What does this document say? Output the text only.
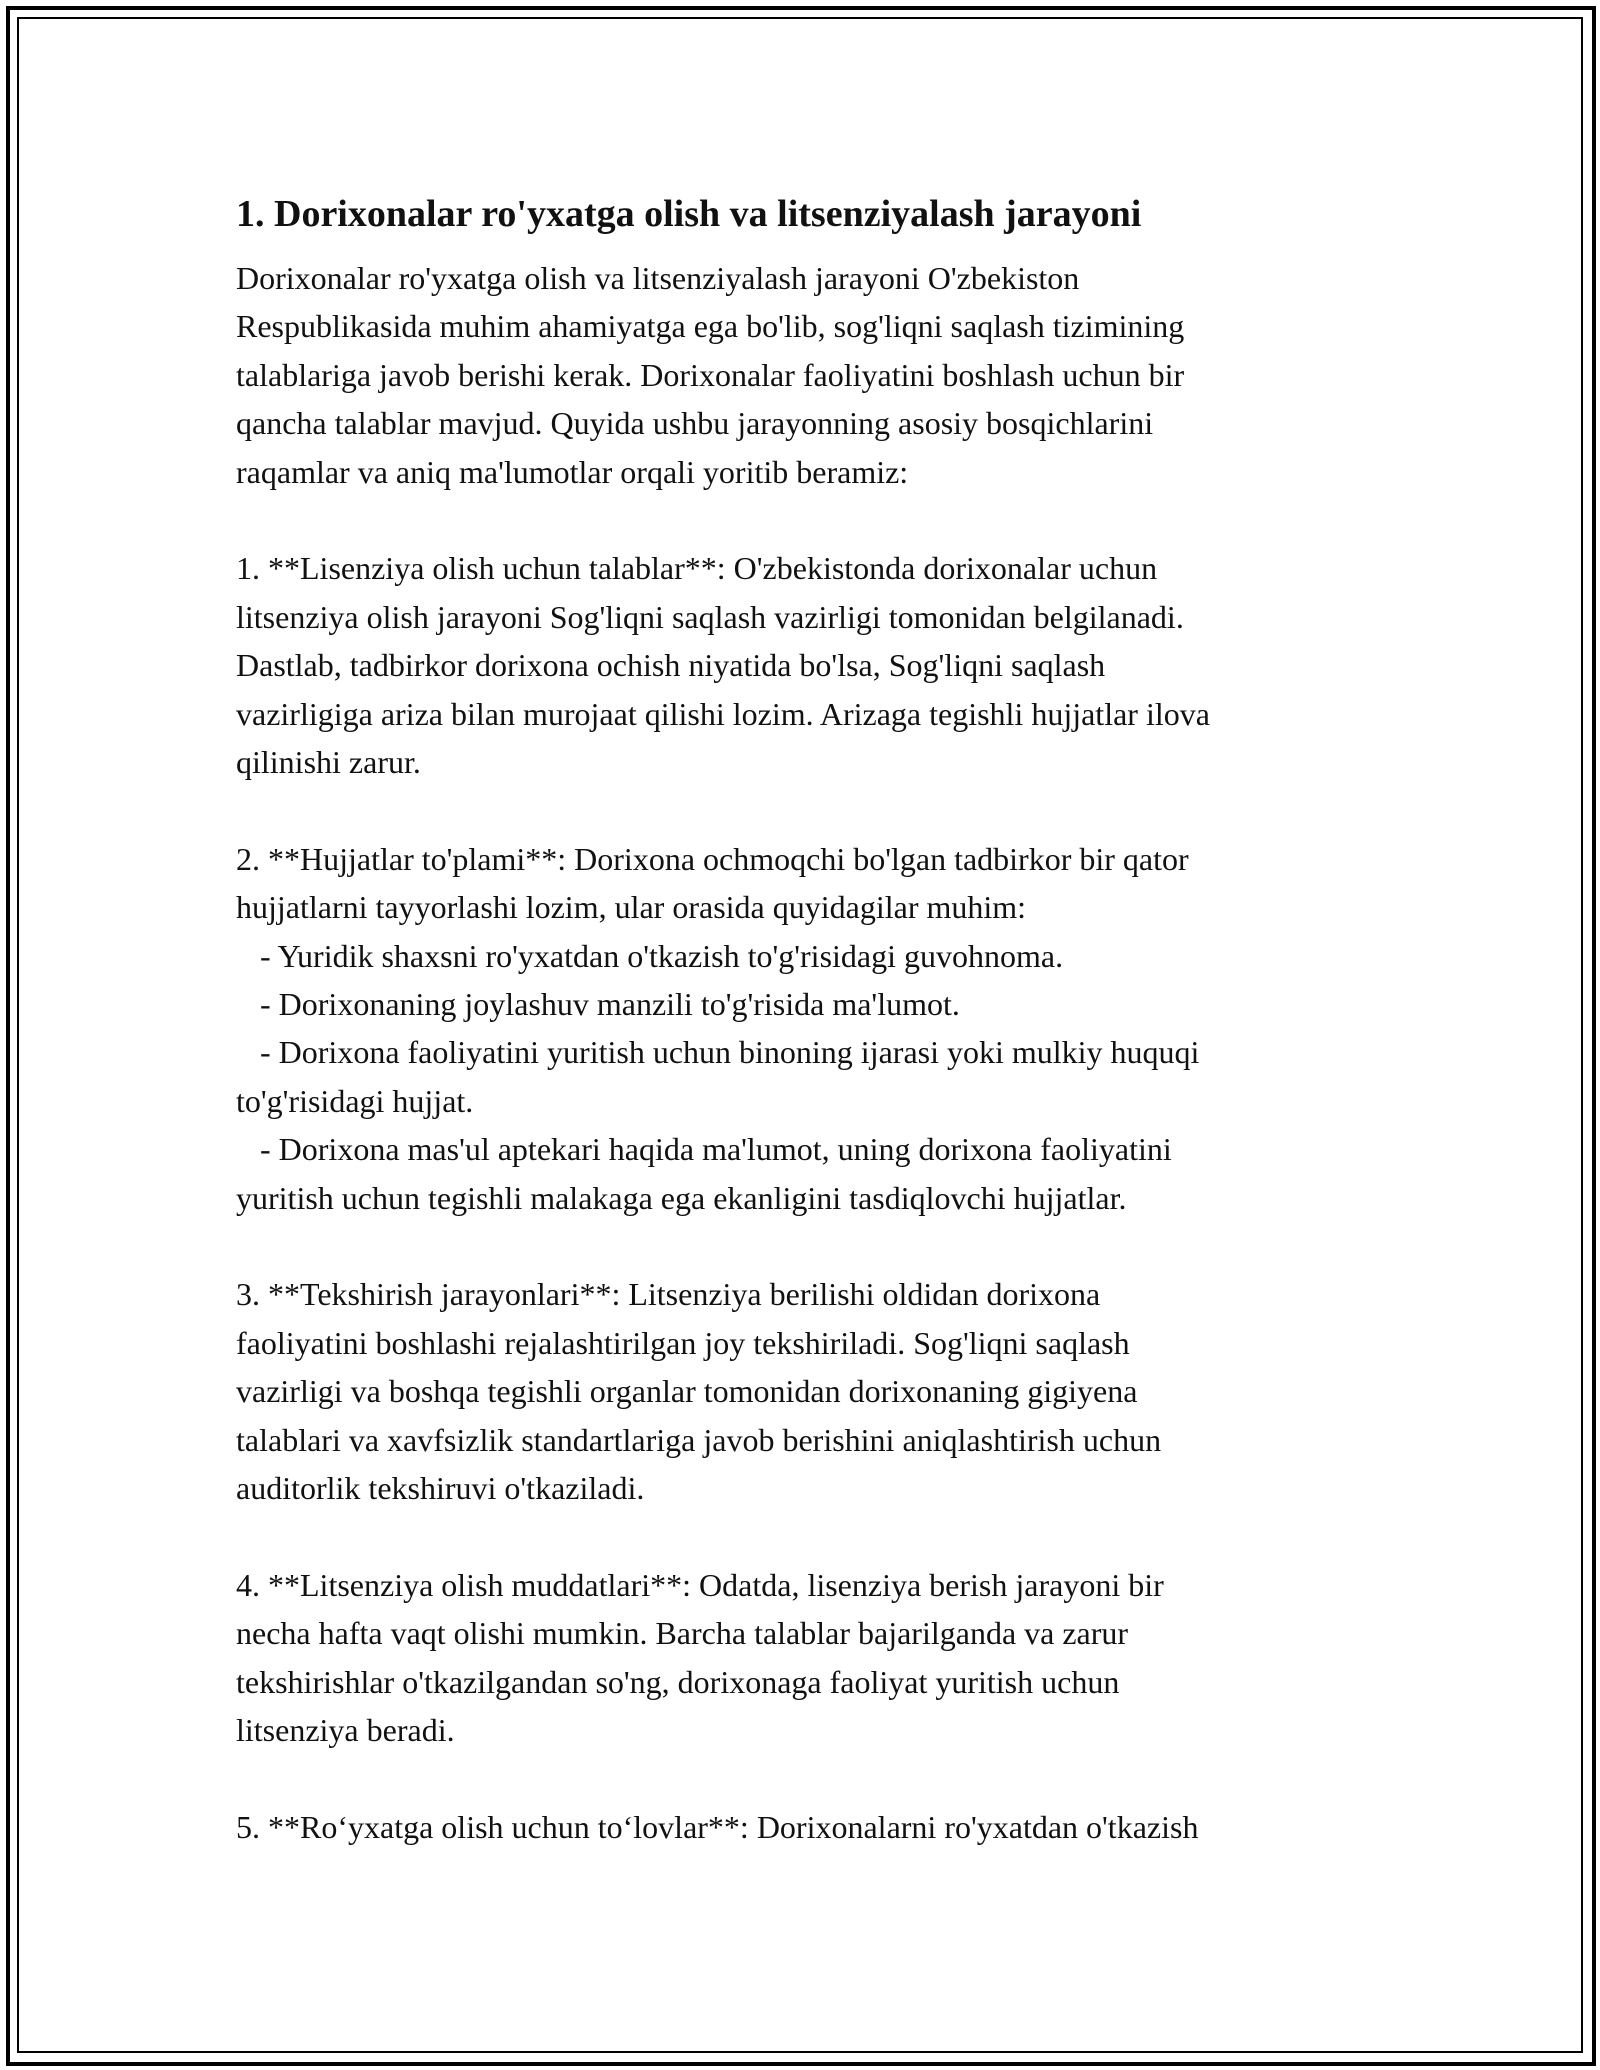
1. Dorixonalar ro'yxatga olish va litsenziyalash jarayoni

Dorixonalar ro'yxatga olish va litsenziyalash jarayoni O'zbekiston
Respublikasida muhim ahamiyatga ega bo'lib, sog'liqni saqlash tizimining
talablariga javob berishi kerak. Dorixonalar faoliyatini boshlash uchun bir
qancha talablar mavjud. Quyida ushbu jarayonning asosiy bosqichlarini
raqamlar va aniq ma'lumotlar orqali yoritib beramiz:

1. **Lisenziya olish uchun talablar**: O'zbekistonda dorixonalar uchun
litsenziya olish jarayoni Sog'liqni saqlash vazirligi tomonidan belgilanadi.
Dastlab, tadbirkor dorixona ochish niyatida bo'lsa, Sog'liqni saqlash
vazirligiga ariza bilan murojaat qilishi lozim. Arizaga tegishli hujjatlar ilova
qilinishi zarur.

2. **Hujjatlar to'plami**: Dorixona ochmoqchi bo'lgan tadbirkor bir qator
hujjatlarni tayyorlashi lozim, ular orasida quyidagilar muhim:
- Yuridik shaxsni ro'yxatdan o'tkazish to'g'risidagi guvohnoma.
- Dorixonaning joylashuv manzili to'g'risida ma'lumot.
- Dorixona faoliyatini yuritish uchun binoning ijarasi yoki mulkiy huquqi
to'g'risidagi hujjat.
- Dorixona mas'ul aptekari haqida ma'lumot, uning dorixona faoliyatini
yuritish uchun tegishli malakaga ega ekanligini tasdiqlovchi hujjatlar.

3. **Tekshirish jarayonlari**: Litsenziya berilishi oldidan dorixona
faoliyatini boshlashi rejalashtirilgan joy tekshiriladi. Sog'liqni saqlash
vazirligi va boshqa tegishli organlar tomonidan dorixonaning gigiyena
talablari va xavfsizlik standartlariga javob berishini aniqlashtirish uchun
auditorlik tekshiruvi o'tkaziladi.

4. **Litsenziya olish muddatlari**: Odatda, lisenziya berish jarayoni bir
necha hafta vaqt olishi mumkin. Barcha talablar bajarilganda va zarur
tekshirishlar o'tkazilgandan so'ng, dorixonaga faoliyat yuritish uchun
litsenziya beradi.

5. **Ro‘yxatga olish uchun to‘lovlar**: Dorixonalarni ro'yxatdan o'tkazish
